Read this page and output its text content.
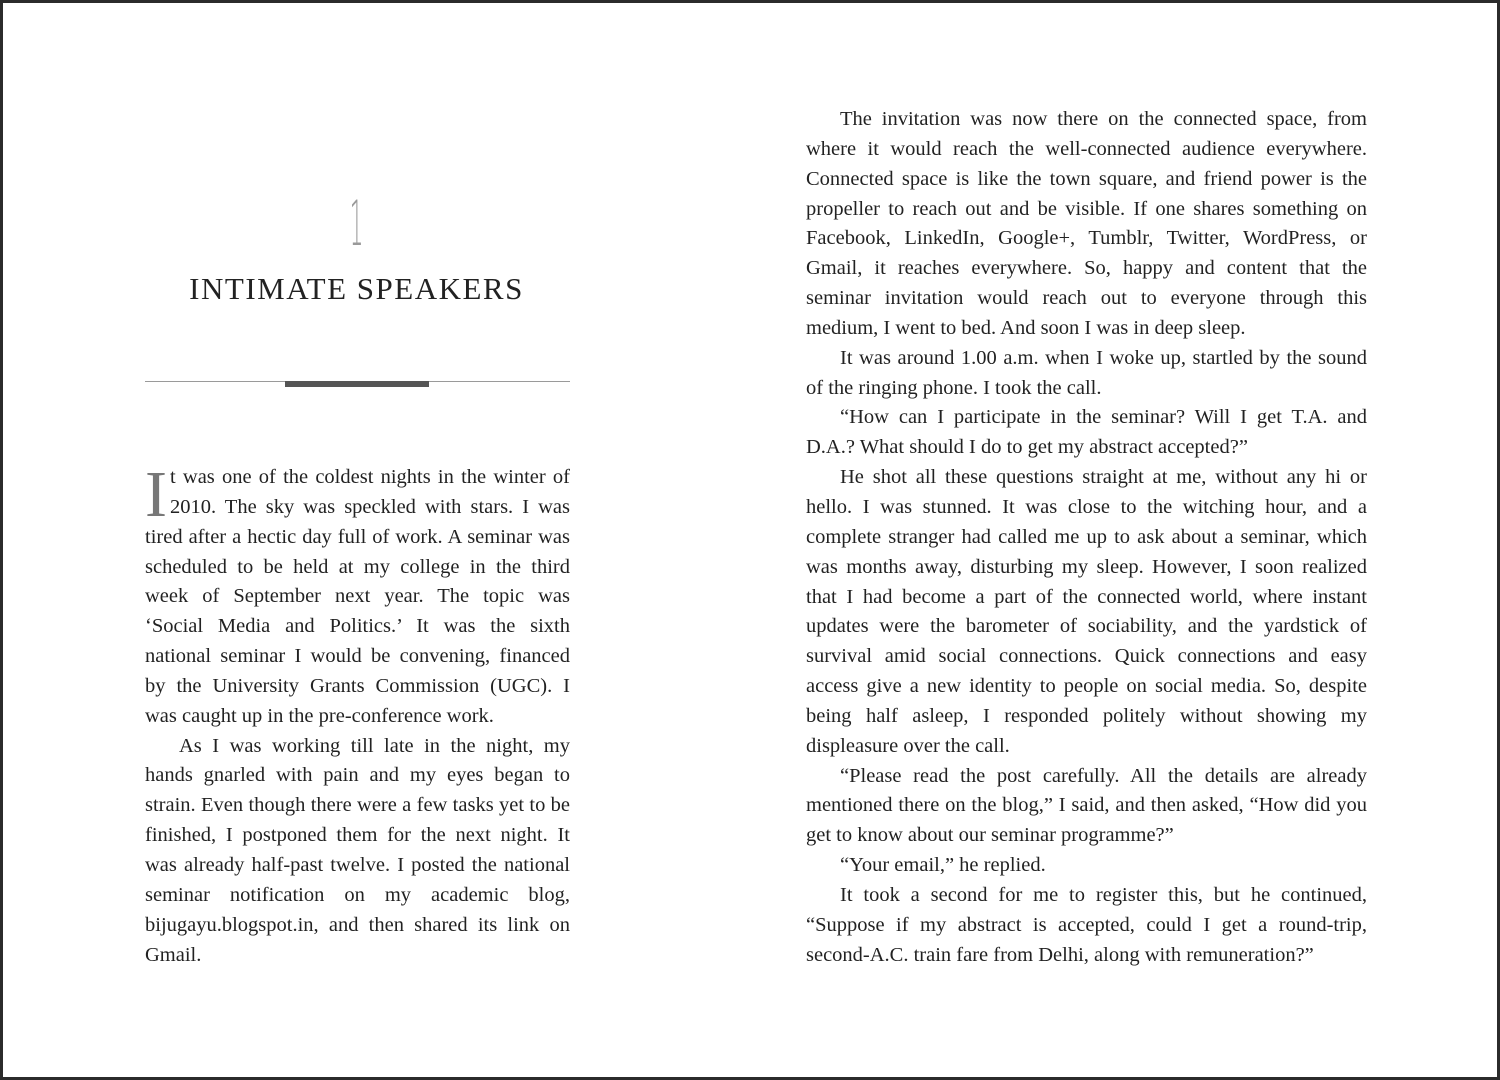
1
INTIMATE SPEAKERS

It was one of the coldest nights in the winter of 2010. The sky was speckled with stars. I was tired after a hectic day full of work. A seminar was scheduled to be held at my college in the third week of September next year. The topic was ‘Social Media and Politics.’ It was the sixth national seminar I would be convening, financed by the University Grants Commission (UGC). I was caught up in the pre-conference work.

As I was working till late in the night, my hands gnarled with pain and my eyes began to strain. Even though there were a few tasks yet to be finished, I postponed them for the next night. It was already half-past twelve. I posted the national seminar notification on my academic blog, bijugayu.blogspot.in, and then shared its link on Gmail.

The invitation was now there on the connected space, from where it would reach the well-connected audience everywhere. Connected space is like the town square, and friend power is the propeller to reach out and be visible. If one shares something on Facebook, LinkedIn, Google+, Tumblr, Twitter, WordPress, or Gmail, it reaches everywhere. So, happy and content that the seminar invitation would reach out to everyone through this medium, I went to bed. And soon I was in deep sleep.

It was around 1.00 a.m. when I woke up, startled by the sound of the ringing phone. I took the call.

“How can I participate in the seminar? Will I get T.A. and D.A.? What should I do to get my abstract accepted?”

He shot all these questions straight at me, without any hi or hello. I was stunned. It was close to the witching hour, and a complete stranger had called me up to ask about a seminar, which was months away, disturbing my sleep. However, I soon realized that I had become a part of the connected world, where instant updates were the barometer of sociability, and the yardstick of survival amid social connections. Quick connections and easy access give a new identity to people on social media. So, despite being half asleep, I responded politely without showing my displeasure over the call.

“Please read the post carefully. All the details are already mentioned there on the blog,” I said, and then asked, “How did you get to know about our seminar programme?”

“Your email,” he replied.

It took a second for me to register this, but he continued, “Suppose if my abstract is accepted, could I get a round-trip, second-A.C. train fare from Delhi, along with remuneration?”
